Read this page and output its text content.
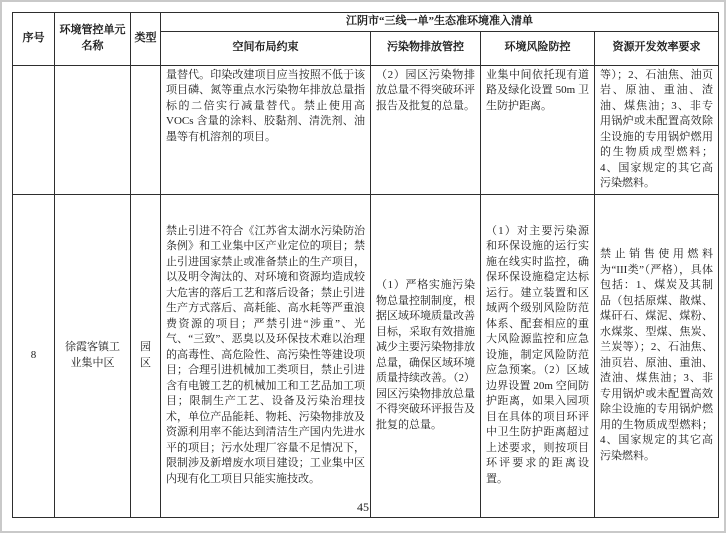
序号	环境管控单元名称	类型	江阴市“三线一单”生态准环境准入清单			
			空间布局约束	污染物排放管控	环境风险防控	资源开发效率要求
			量替代。印染改建项目应当按照不低于该项目磷、氮等重点水污染物年排放总量指标的二倍实行减量替代。禁止使用高 VOCs 含量的涂料、胶黏剂、清洗剂、油墨等有机溶剂的项目。	（2）园区污染物排放总量不得突破环评报告及批复的总量。	业集中间依托现有道路及绿化设置 50m 卫生防护距离。	等）；2、石油焦、油页岩、原油、重油、渣油、煤焦油；3、非专用锅炉或未配置高效除尘设施的专用锅炉燃用的生物质成型燃料；4、国家规定的其它高污染燃料。
8	徐霞客镇工业集中区	园区	禁止引进不符合《江苏省太湖水污染防治条例》和工业集中区产业定位的项目；禁止引进国家禁止或准备禁止的生产项目，以及明令淘汰的、对环境和资源均造成较大危害的落后工艺和落后设备；禁止引进生产方式落后、高耗能、高水耗等严重浪费资源的项目；严禁引进“涉重”、光气、“三致”、恶臭以及环保技术难以治理的高毒性、高危险性、高污染性等建设项目；合理引进机械加工类项目，禁止引进含有电镀工艺的机械加工和工艺品加工项目；限制生产工艺、设备及污染治理技术，单位产品能耗、物耗、污染物排放及资源利用率不能达到清洁生产国内先进水平的项目；污水处理厂容量不足情况下，限制涉及新增废水项目建设；工业集中区内现有化工项目只能实施技改。	（1）严格实施污染物总量控制制度，根据区域环境质量改善目标，采取有效措施减少主要污染物排放总量，确保区域环境质量持续改善。（2）园区污染物排放总量不得突破环评报告及批复的总量。	（1）对主要污染源和环保设施的运行实施在线实时监控，确保环保设施稳定达标运行。建立装置和区域两个级别风险防范体系、配套相应的重大风险源监控和应急设施，制定风险防范应急预案。（2）区域边界设置 20m 空间防护距离，如果入园项目在具体的项目环评中卫生防护距离超过上述要求，则按项目环评要求的距离设置。	禁止销售使用燃料为“III类”（严格），具体包括：1、煤炭及其制品（包括原煤、散煤、煤矸石、煤泥、煤粉、水煤浆、型煤、焦炭、兰炭等）；2、石油焦、油页岩、原油、重油、渣油、煤焦油；3、非专用锅炉或未配置高效除尘设施的专用锅炉燃用的生物质成型燃料；4、国家规定的其它高污染燃料。
45
